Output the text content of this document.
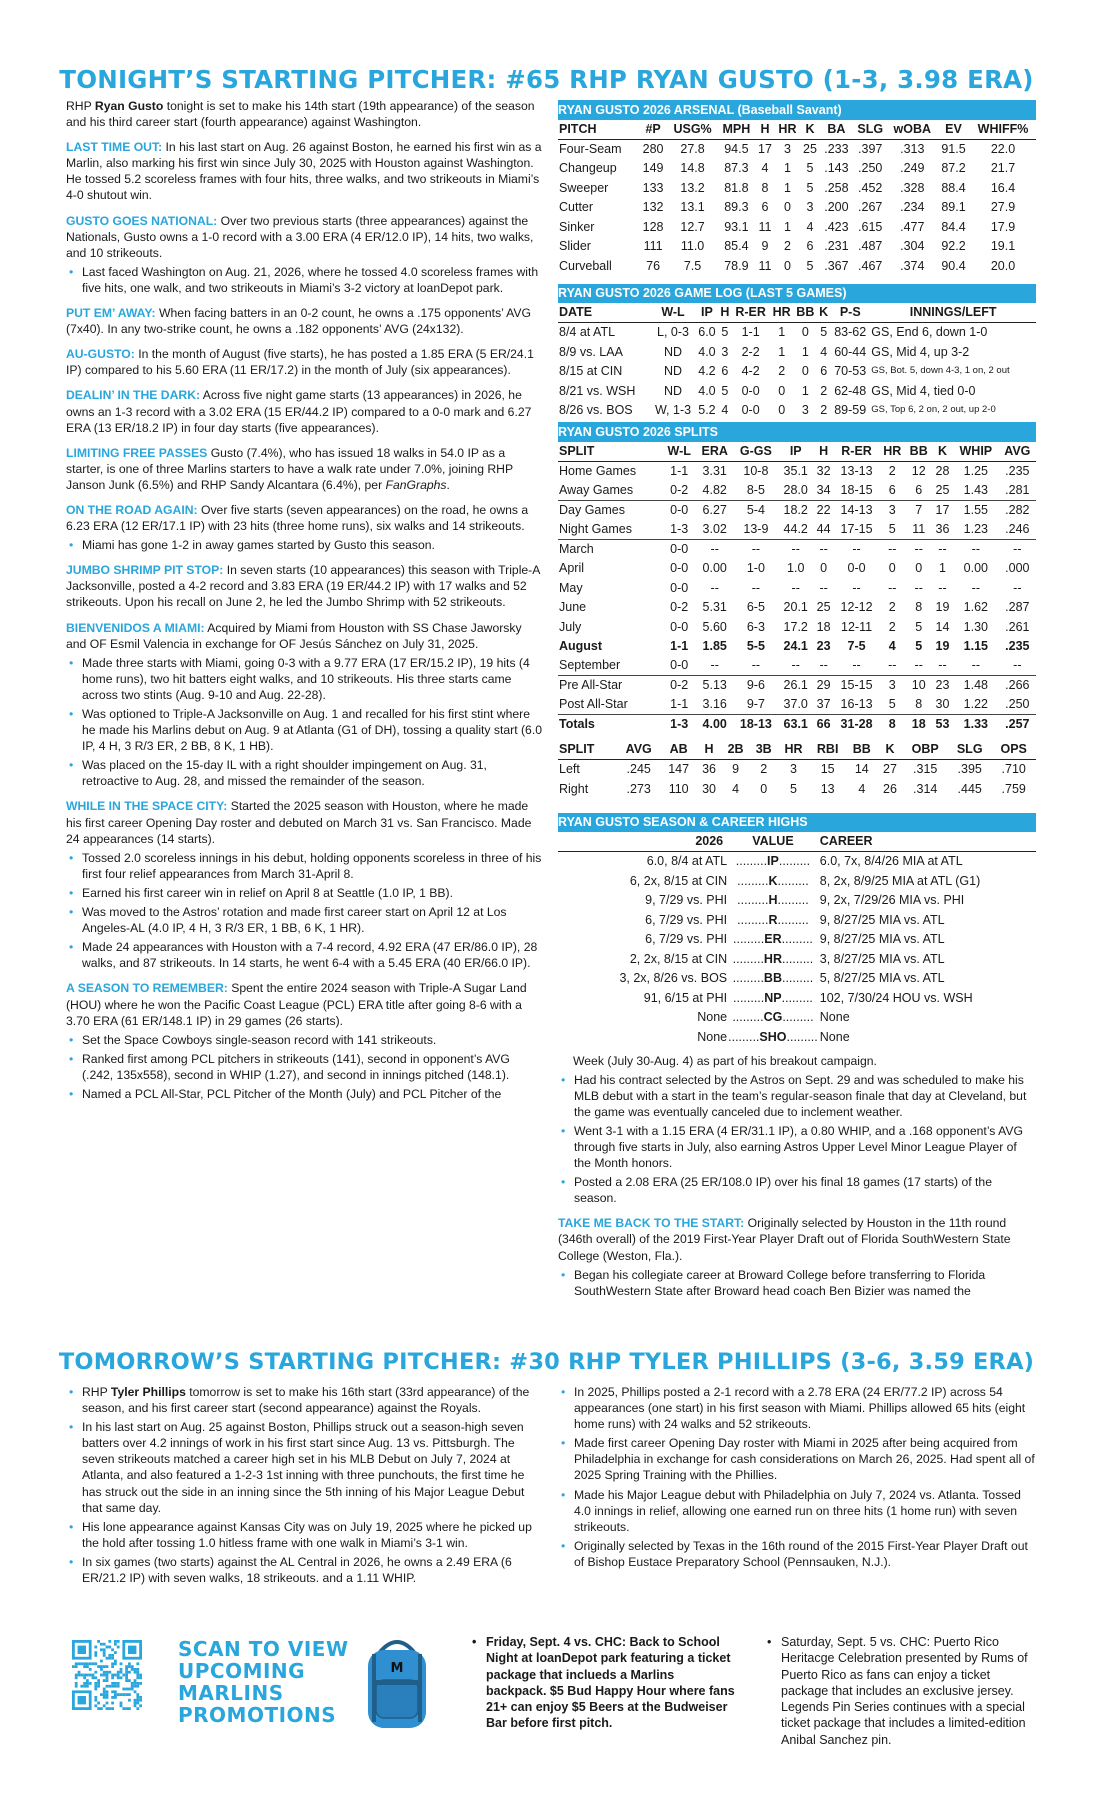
TONIGHT’S STARTING PITCHER: #65 RHP RYAN GUSTO (1-3, 3.98 ERA)

RHP Ryan Gusto tonight is set to make his 14th start (19th appearance) of the season and his third career start (fourth appearance) against Washington.

LAST TIME OUT: In his last start on Aug. 26 against Boston, he earned his first win as a Marlin, also marking his first win since July 30, 2025 with Houston against Washington. He tossed 5.2 scoreless frames with four hits, three walks, and two strikeouts in Miami’s 4-0 shutout win.

GUSTO GOES NATIONAL: Over two previous starts (three appearances) against the Nationals, Gusto owns a 1-0 record with a 3.00 ERA (4 ER/12.0 IP), 14 hits, two walks, and 10 strikeouts.

• Last faced Washington on Aug. 21, 2026, where he tossed 4.0 scoreless frames with five hits, one walk, and two strikeouts in Miami’s 3-2 victory at loanDepot park.

PUT EM’ AWAY: When facing batters in an 0-2 count, he owns a .175 opponents’ AVG (7x40). In any two-strike count, he owns a .182 opponents’ AVG (24x132).

AU-GUSTO: In the month of August (five starts), he has posted a 1.85 ERA (5 ER/24.1 IP) compared to his 5.60 ERA (11 ER/17.2) in the month of July (six appearances).

DEALIN’ IN THE DARK: Across five night game starts (13 appearances) in 2026, he owns an 1-3 record with a 3.02 ERA (15 ER/44.2 IP) compared to a 0-0 mark and 6.27 ERA (13 ER/18.2 IP) in four day starts (five appearances).

LIMITING FREE PASSES Gusto (7.4%), who has issued 18 walks in 54.0 IP as a starter, is one of three Marlins starters to have a walk rate under 7.0%, joining RHP Janson Junk (6.5%) and RHP Sandy Alcantara (6.4%), per FanGraphs.

ON THE ROAD AGAIN: Over five starts (seven appearances) on the road, he owns a 6.23 ERA (12 ER/17.1 IP) with 23 hits (three home runs), six walks and 14 strikeouts.

• Miami has gone 1-2 in away games started by Gusto this season.

JUMBO SHRIMP PIT STOP: In seven starts (10 appearances) this season with Triple-A Jacksonville, posted a 4-2 record and 3.83 ERA (19 ER/44.2 IP) with 17 walks and 52 strikeouts. Upon his recall on June 2, he led the Jumbo Shrimp with 52 strikeouts.

BIENVENIDOS A MIAMI: Acquired by Miami from Houston with SS Chase Jaworsky and OF Esmil Valencia in exchange for OF Jesús Sánchez on July 31, 2025.

• Made three starts with Miami, going 0-3 with a 9.77 ERA (17 ER/15.2 IP), 19 hits (4 home runs), two hit batters eight walks, and 10 strikeouts. His three starts came across two stints (Aug. 9-10 and Aug. 22-28).
• Was optioned to Triple-A Jacksonville on Aug. 1 and recalled for his first stint where he made his Marlins debut on Aug. 9 at Atlanta (G1 of DH), tossing a quality start (6.0 IP, 4 H, 3 R/3 ER, 2 BB, 8 K, 1 HB).
• Was placed on the 15-day IL with a right shoulder impingement on Aug. 31, retroactive to Aug. 28, and missed the remainder of the season.

WHILE IN THE SPACE CITY: Started the 2025 season with Houston, where he made his first career Opening Day roster and debuted on March 31 vs. San Francisco. Made 24 appearances (14 starts).

• Tossed 2.0 scoreless innings in his debut, holding opponents scoreless in three of his first four relief appearances from March 31-April 8.
• Earned his first career win in relief on April 8 at Seattle (1.0 IP, 1 BB).
• Was moved to the Astros’ rotation and made first career start on April 12 at Los Angeles-AL (4.0 IP, 4 H, 3 R/3 ER, 1 BB, 6 K, 1 HR).
• Made 24 appearances with Houston with a 7-4 record, 4.92 ERA (47 ER/86.0 IP), 28 walks, and 87 strikeouts. In 14 starts, he went 6-4 with a 5.45 ERA (40 ER/66.0 IP).

A SEASON TO REMEMBER: Spent the entire 2024 season with Triple-A Sugar Land (HOU) where he won the Pacific Coast League (PCL) ERA title after going 8-6 with a 3.70 ERA (61 ER/148.1 IP) in 29 games (26 starts).

• Set the Space Cowboys single-season record with 141 strikeouts.
• Ranked first among PCL pitchers in strikeouts (141), second in opponent’s AVG (.242, 135x558), second in WHIP (1.27), and second in innings pitched (148.1).
• Named a PCL All-Star, PCL Pitcher of the Month (July) and PCL Pitcher of the
RYAN GUSTO 2026 ARSENAL (Baseball Savant)											
PITCH	#P	USG%	MPH	H	HR	K	BA	SLG	wOBA	EV	WHIFF%
Four-Seam	280	27.8	94.5	17	3	25	.233	.397	.313	91.5	22.0
Changeup	149	14.8	87.3	4	1	5	.143	.250	.249	87.2	21.7
Sweeper	133	13.2	81.8	8	1	5	.258	.452	.328	88.4	16.4
Cutter	132	13.1	89.3	6	0	3	.200	.267	.234	89.1	27.9
Sinker	128	12.7	93.1	11	1	4	.423	.615	.477	84.4	17.9
Slider	111	11.0	85.4	9	2	6	.231	.487	.304	92.2	19.1
Curveball	76	7.5	78.9	11	0	5	.367	.467	.374	90.4	20.0
RYAN GUSTO 2026 GAME LOG (LAST 5 GAMES)									
DATE	W-L	IP	H	R-ER	HR	BB	K	P-S	INNINGS/LEFT
8/4 at ATL	L, 0-3	6.0	5	1-1	1	0	5	83-62	GS, End 6, down 1-0
8/9 vs. LAA	ND	4.0	3	2-2	1	1	4	60-44	GS, Mid 4, up 3-2
8/15 at CIN	ND	4.2	6	4-2	2	0	6	70-53	GS, Bot. 5, down 4-3, 1 on, 2 out
8/21 vs. WSH	ND	4.0	5	0-0	0	1	2	62-48	GS, Mid 4, tied 0-0
8/26 vs. BOS	W, 1-3	5.2	4	0-0	0	3	2	89-59	GS, Top 6, 2 on, 2 out, up 2-0
RYAN GUSTO 2026 SPLITS											
SPLIT	W-L	ERA	G-GS	IP	H	R-ER	HR	BB	K	WHIP	AVG
Home Games	1-1	3.31	10-8	35.1	32	13-13	2	12	28	1.25	.235
Away Games	0-2	4.82	8-5	28.0	34	18-15	6	6	25	1.43	.281
Day Games	0-0	6.27	5-4	18.2	22	14-13	3	7	17	1.55	.282
Night Games	1-3	3.02	13-9	44.2	44	17-15	5	11	36	1.23	.246
March	0-0	--	--	--	--	--	--	--	--	--	--
April	0-0	0.00	1-0	1.0	0	0-0	0	0	1	0.00	.000
May	0-0	--	--	--	--	--	--	--	--	--	--
June	0-2	5.31	6-5	20.1	25	12-12	2	8	19	1.62	.287
July	0-0	5.60	6-3	17.2	18	12-11	2	5	14	1.30	.261
August	1-1	1.85	5-5	24.1	23	7-5	4	5	19	1.15	.235
September	0-0	--	--	--	--	--	--	--	--	--	--
Pre All-Star	0-2	5.13	9-6	26.1	29	15-15	3	10	23	1.48	.266
Post All-Star	1-1	3.16	9-7	37.0	37	16-13	5	8	30	1.22	.250
Totals	1-3	4.00	18-13	63.1	66	31-28	8	18	53	1.33	.257
SPLIT	AVG	AB	H	2B	3B	HR	RBI	BB	K	OBP	SLG	OPS
Left	.245	147	36	9	2	3	15	14	27	.315	.395	.710
Right	.273	110	30	4	0	5	13	4	26	.314	.445	.759
RYAN GUSTO SEASON & CAREER HIGHS		
2026	VALUE	CAREER
6.0, 8/4 at ATL	.........IP.........	6.0, 7x, 8/4/26 MIA at ATL
6, 2x, 8/15 at CIN	.........K.........	8, 2x, 8/9/25 MIA at ATL (G1)
9, 7/29 vs. PHI	.........H.........	9, 2x, 7/29/26 MIA vs. PHI
6, 7/29 vs. PHI	.........R.........	9, 8/27/25 MIA vs. ATL
6, 7/29 vs. PHI	.........ER.........	9, 8/27/25 MIA vs. ATL
2, 2x, 8/15 at CIN	.........HR.........	3, 8/27/25 MIA vs. ATL
3, 2x, 8/26 vs. BOS	.........BB.........	5, 8/27/25 MIA vs. ATL
91, 6/15 at PHI	.........NP.........	102, 7/30/24 HOU vs. WSH
None	.........CG.........	None
None	.........SHO.........	None

Week (July 30-Aug. 4) as part of his breakout campaign.

• Had his contract selected by the Astros on Sept. 29 and was scheduled to make his MLB debut with a start in the team’s regular-season finale that day at Cleveland, but the game was eventually canceled due to inclement weather.
• Went 3-1 with a 1.15 ERA (4 ER/31.1 IP), a 0.80 WHIP, and a .168 opponent’s AVG through five starts in July, also earning Astros Upper Level Minor League Player of the Month honors.
• Posted a 2.08 ERA (25 ER/108.0 IP) over his final 18 games (17 starts) of the season.

TAKE ME BACK TO THE START: Originally selected by Houston in the 11th round (346th overall) of the 2019 First-Year Player Draft out of Florida SouthWestern State College (Weston, Fla.).

• Began his collegiate career at Broward College before transferring to Florida SouthWestern State after Broward head coach Ben Bizier was named the
TOMORROW’S STARTING PITCHER: #30 RHP TYLER PHILLIPS (3-6, 3.59 ERA)
• RHP Tyler Phillips tomorrow is set to make his 16th start (33rd appearance) of the season, and his first career start (second appearance) against the Royals.
• In his last start on Aug. 25 against Boston, Phillips struck out a season-high seven batters over 4.2 innings of work in his first start since Aug. 13 vs. Pittsburgh. The seven strikeouts matched a career high set in his MLB Debut on July 7, 2024 at Atlanta, and also featured a 1-2-3 1st inning with three punchouts, the first time he has struck out the side in an inning since the 5th inning of his Major League Debut that same day.
• His lone appearance against Kansas City was on July 19, 2025 where he picked up the hold after tossing 1.0 hitless frame with one walk in Miami’s 3-1 win.
• In six games (two starts) against the AL Central in 2026, he owns a 2.49 ERA (6 ER/21.2 IP) with seven walks, 18 strikeouts. and a 1.11 WHIP.
• In 2025, Phillips posted a 2-1 record with a 2.78 ERA (24 ER/77.2 IP) across 54 appearances (one start) in his first season with Miami. Phillips allowed 65 hits (eight home runs) with 24 walks and 52 strikeouts.
• Made first career Opening Day roster with Miami in 2025 after being acquired from Philadelphia in exchange for cash considerations on March 26, 2025. Had spent all of 2025 Spring Training with the Phillies.
• Made his Major League debut with Philadelphia on July 7, 2024 vs. Atlanta. Tossed 4.0 innings in relief, allowing one earned run on three hits (1 home run) with seven strikeouts.
• Originally selected by Texas in the 16th round of the 2015 First-Year Player Draft out of Bishop Eustace Preparatory School (Pennsauken, N.J.).
SCAN TO VIEW
UPCOMING
MARLINS
PROMOTIONS
M
• Friday, Sept. 4 vs. CHC: Back to School Night at loanDepot park featuring a ticket package that inclueds a Marlins backpack. $5 Bud Happy Hour where fans 21+ can enjoy $5 Beers at the Budweiser Bar before first pitch.
• Saturday, Sept. 5 vs. CHC: Puerto Rico Heritacge Celebration presented by Rums of Puerto Rico as fans can enjoy a ticket package that includes an exclusive jersey. Legends Pin Series continues with a special ticket package that includes a limited-edition Anibal Sanchez pin.
